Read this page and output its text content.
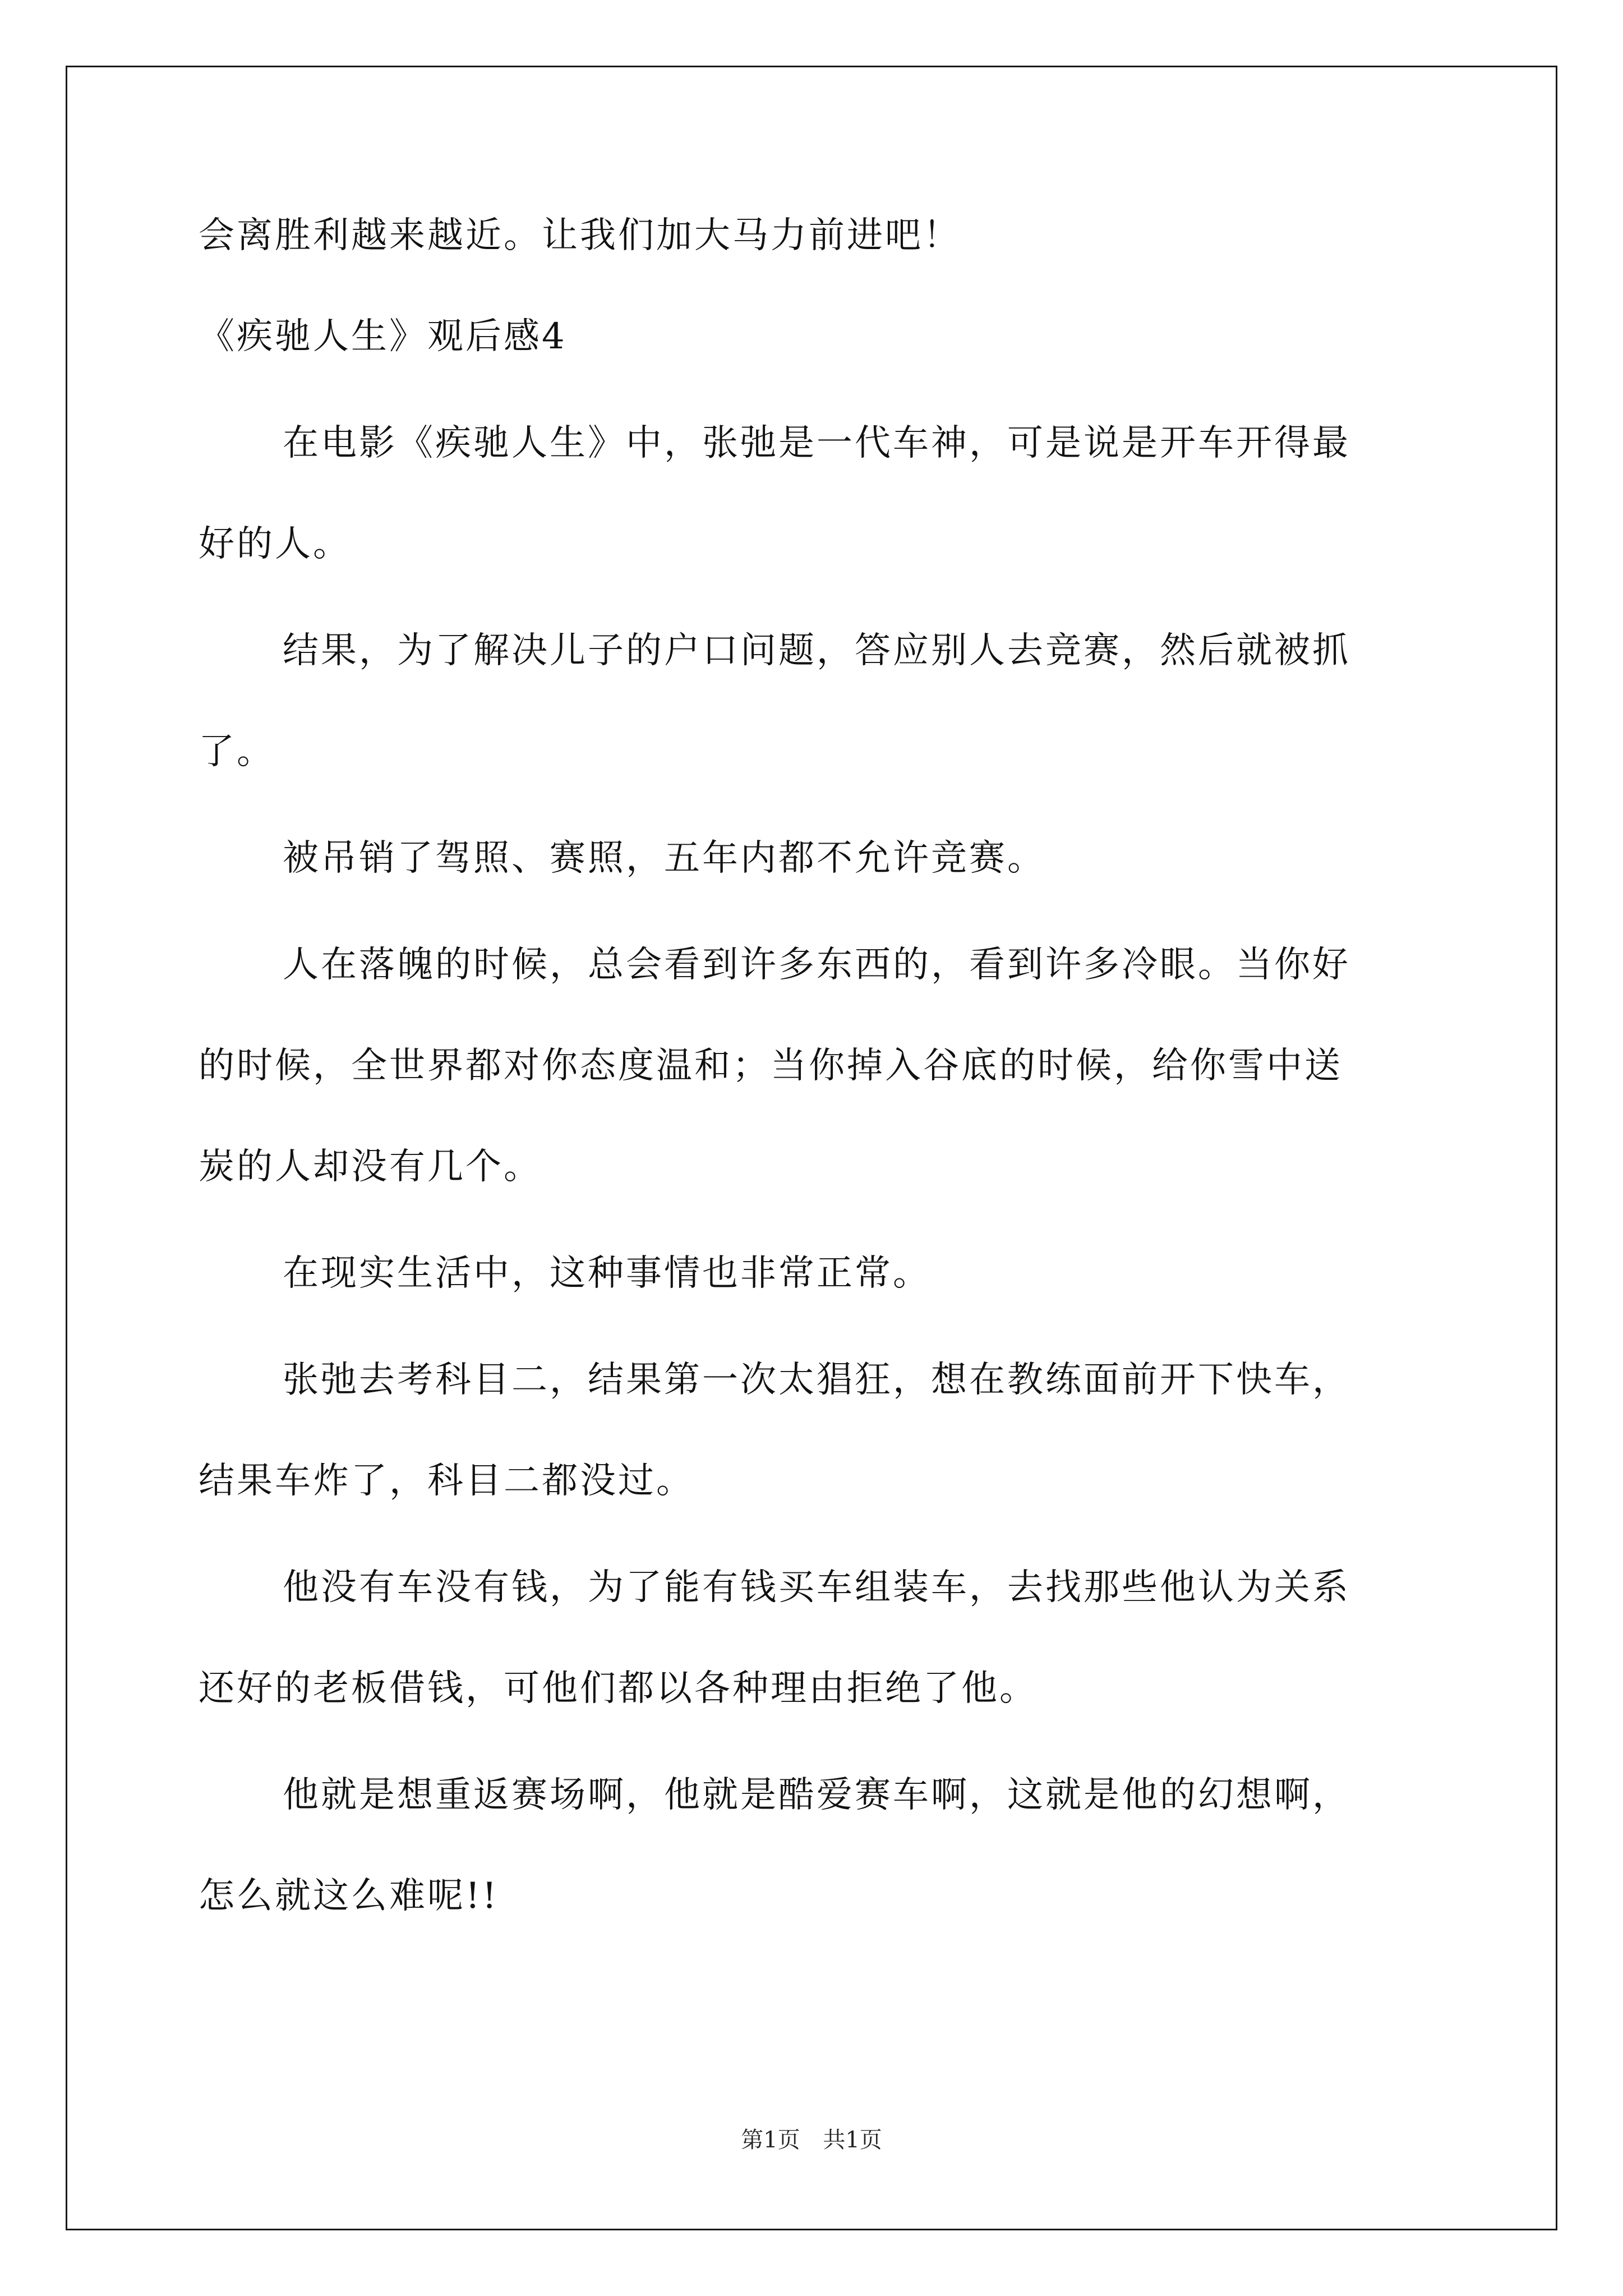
会离胜利越来越近。让我们加大马力前进吧！
《疾驰人生》观后感4
在电影《疾驰人生》中，张弛是一代车神，可是说是开车开得最
好的人。
结果，为了解决儿子的户口问题，答应别人去竞赛，然后就被抓
了。
被吊销了驾照、赛照，五年内都不允许竞赛。
人在落魄的时候，总会看到许多东西的，看到许多冷眼。当你好
的时候，全世界都对你态度温和；当你掉入谷底的时候，给你雪中送
炭的人却没有几个。
在现实生活中，这种事情也非常正常。
张弛去考科目二，结果第一次太猖狂，想在教练面前开下快车，
结果车炸了，科目二都没过。
他没有车没有钱，为了能有钱买车组装车，去找那些他认为关系
还好的老板借钱，可他们都以各种理由拒绝了他。
他就是想重返赛场啊，他就是酷爱赛车啊，这就是他的幻想啊，
怎么就这么难呢!!
第1页 共1页
